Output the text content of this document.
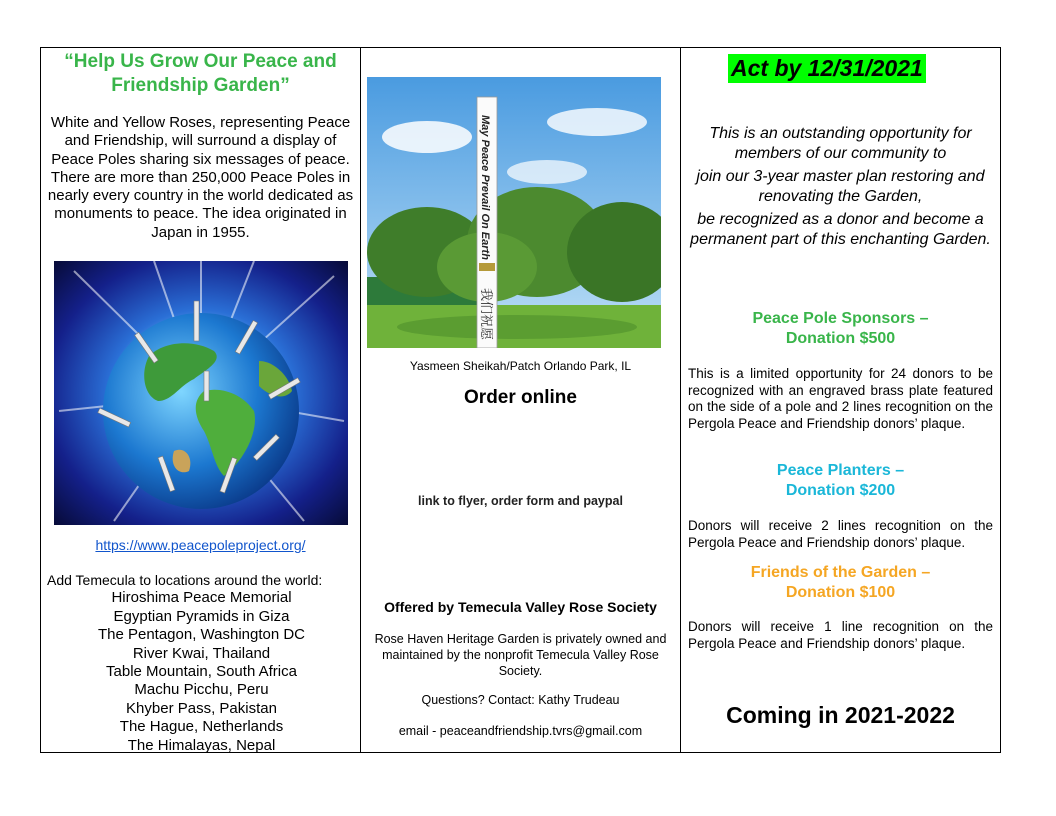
“Help Us Grow Our Peace and Friendship Garden”
White and Yellow Roses, representing Peace and Friendship, will surround a display of Peace Poles sharing six messages of peace.
There are more than 250,000 Peace Poles in nearly every country in the world dedicated as monuments to peace. The idea originated in Japan in 1955.
https://www.peacepoleproject.org/
Add Temecula to locations around the world:
Hiroshima Peace Memorial
Egyptian Pyramids in Giza
The Pentagon, Washington DC
River Kwai, Thailand
Table Mountain, South Africa
Machu Picchu, Peru
Khyber Pass, Pakistan
The Hague, Netherlands
The Himalayas, Nepal
May Peace Prevail On Earth
我们祝愿
Yasmeen Sheikah/Patch Orlando Park, IL
Order online
link to flyer, order form and paypal
Offered by Temecula Valley Rose Society
Rose Haven Heritage Garden is privately owned and maintained by the nonprofit Temecula Valley Rose Society.
Questions? Contact: Kathy Trudeau
email - peaceandfriendship.tvrs@gmail.com
Act by 12/31/2021

This is an outstanding opportunity for members of our community to

join our 3-year master plan restoring and renovating the Garden,

be recognized as a donor and become a permanent part of this enchanting Garden.

Peace Pole Sponsors –
Donation $500
This is a limited opportunity for 24 donors to be recognized with an engraved brass plate featured on the side of a pole and 2 lines recognition on the Pergola Peace and Friendship donors’ plaque.
Peace Planters –
Donation $200
Donors will receive 2 lines recognition on the Pergola Peace and Friendship donors’ plaque.
Friends of the Garden –
Donation $100
Donors will receive 1 line recognition on the Pergola Peace and Friendship donors’ plaque.
Coming in 2021-2022
